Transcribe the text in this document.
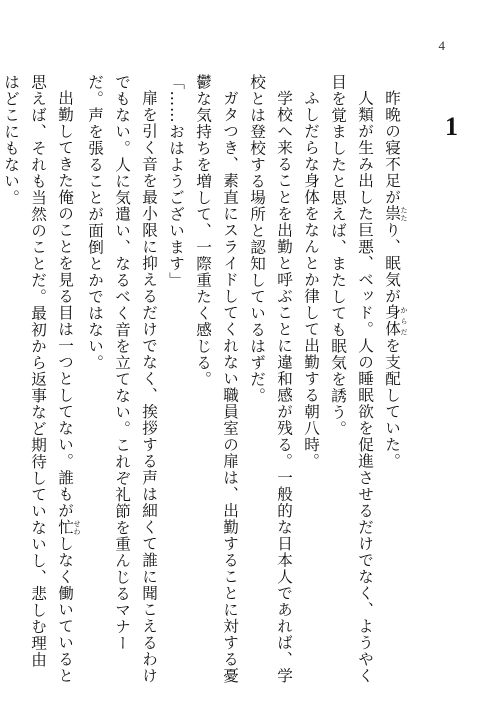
4
1

昨晩の寝不足が祟 たたり、眠気が身体 からだを支配していた。

人類が生み出した巨悪、ベッド。人の睡眠欲を促進させるだけでなく、ようやく目を覚ましたと思えば、またしても眠気を誘う。

ふしだらな身体をなんとか律して出勤する朝八時。

学校へ来ることを出勤と呼ぶことに違和感が残る。一般的な日本人であれば、学校とは登校する場所と認知しているはずだ。

ガタつき、素直にスライドしてくれない職員室の扉は、出勤することに対する憂鬱な気持ちを増して、一際重たく感じる。

「……おはようございます」

扉を引く音を最小限に抑えるだけでなく、挨拶する声は細くて誰に聞こえるわけでもない。人に気遣い、なるべく音を立てない。これぞ礼節を重んじるマナーだ。声を張ることが面倒とかではない。

出勤してきた俺のことを見る目は一つとしてない。誰もが忙 せわしなく働いていると思えば、それも当然のことだ。最初から返事など期待していないし、悲しむ理由はどこにもない。
